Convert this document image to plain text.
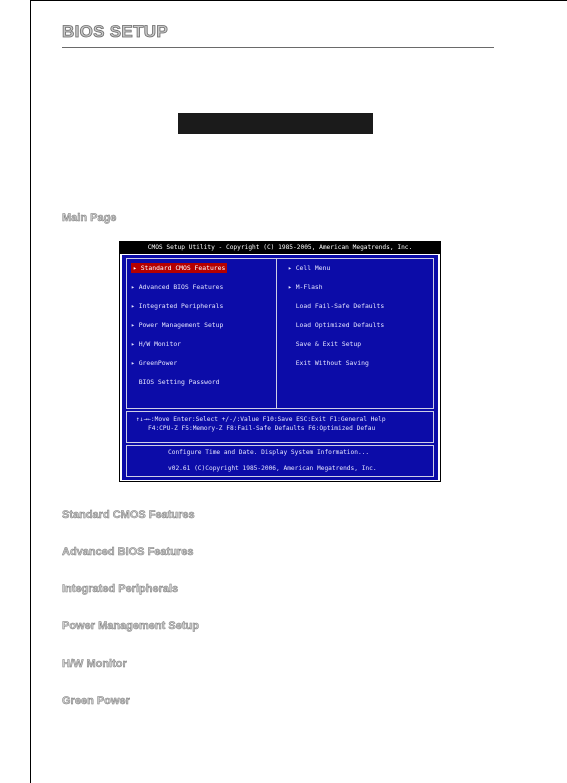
BIOS SETUP
Main Page
CMOS Setup Utility - Copyright (C) 1985-2005, American Megatrends, Inc.
▸ Standard CMOS Features
▸ Advanced BIOS Features
▸ Integrated Peripherals
▸ Power Management Setup
▸ H/W Monitor
▸ GreenPower
BIOS Setting Password
▸ Cell Menu
▸ M-Flash
Load Fail-Safe Defaults
Load Optimized Defaults
Save & Exit Setup
Exit Without Saving
↑↓→←:Move Enter:Select +/-/:Value F10:Save ESC:Exit F1:General Help
F4:CPU-Z F5:Memory-Z F8:Fail-Safe Defaults F6:Optimized Defau
Configure Time and Date. Display System Information...
v02.61 (C)Copyright 1985-2006, American Megatrends, Inc.
Standard CMOS Features
Advanced BIOS Features
Integrated Peripherals
Power Management Setup
H/W Monitor
Green Power
